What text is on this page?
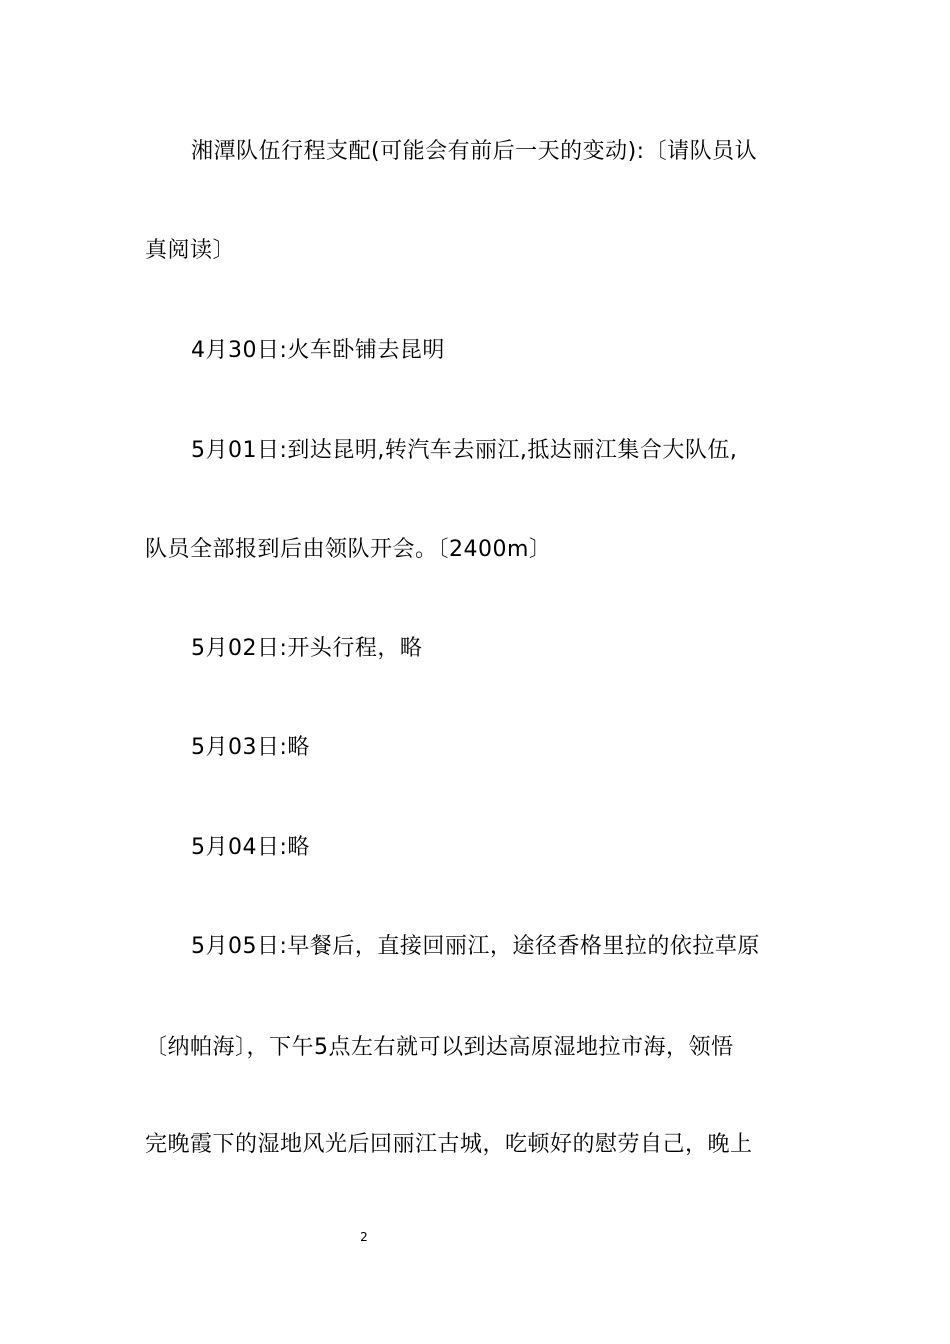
湘潭队伍行程支配(可能会有前后一天的变动):〔请队员认
真阅读〕
4月30日:火车卧铺去昆明
5月01日:到达昆明,转汽车去丽江,抵达丽江集合大队伍,
队员全部报到后由领队开会。〔2400m〕
5月02日:开头行程，略
5月03日:略
5月04日:略
5月05日:早餐后，直接回丽江，途径香格里拉的依拉草原
〔纳帕海〕，下午5点左右就可以到达高原湿地拉市海，领悟
完晚霞下的湿地风光后回丽江古城，吃顿好的慰劳自己，晚上
2
